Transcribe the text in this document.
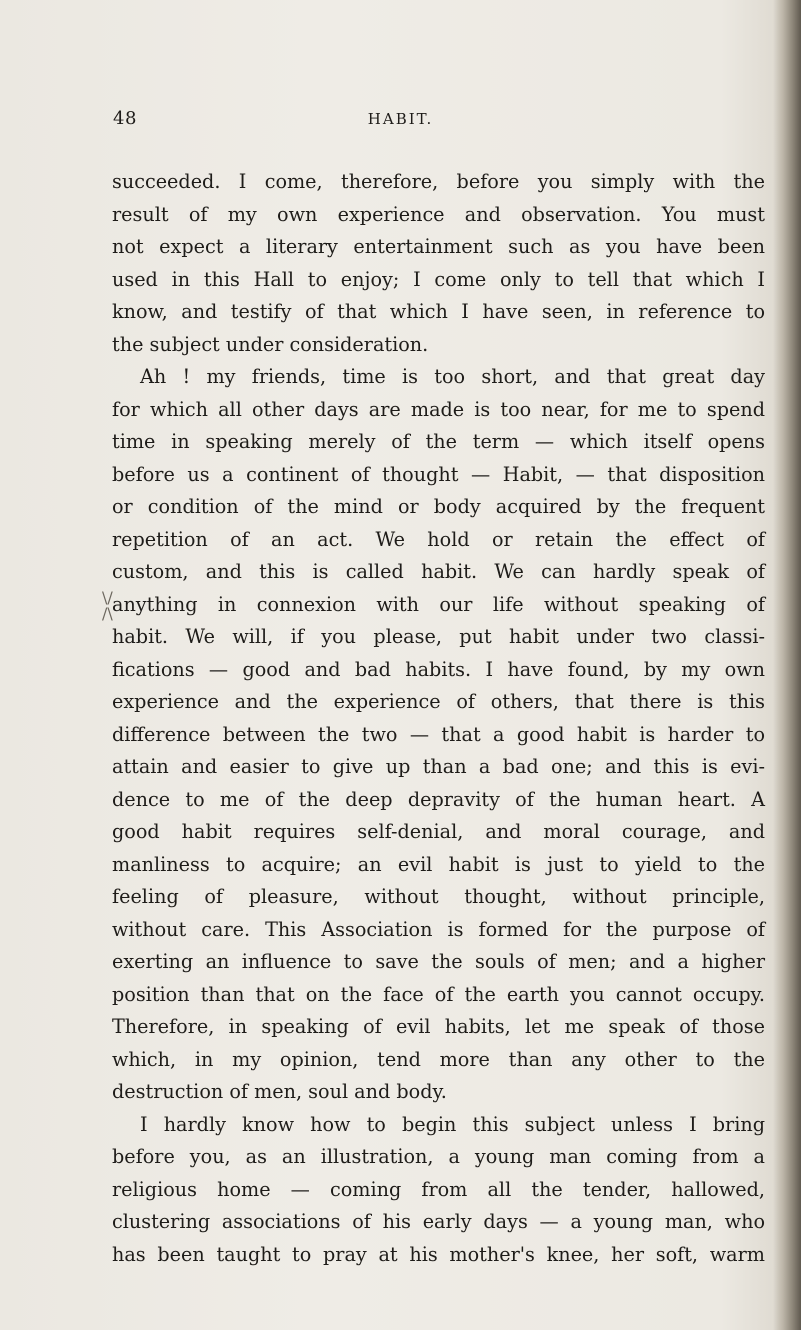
48	HABIT.
\/
/\
succeeded. I come, therefore, before you simply with the
result of my own experience and observation. You must
not expect a literary entertainment such as you have been
used in this Hall to enjoy; I come only to tell that which I
know, and testify of that which I have seen, in reference to
the subject under consideration.
Ah ! my friends, time is too short, and that great day
for which all other days are made is too near, for me to spend
time in speaking merely of the term — which itself opens
before us a continent of thought — Habit, — that disposition
or condition of the mind or body acquired by the frequent
repetition of an act. We hold or retain the effect of
custom, and this is called habit. We can hardly speak of
anything in connexion with our life without speaking of
habit. We will, if you please, put habit under two classi-
fications — good and bad habits. I have found, by my own
experience and the experience of others, that there is this
difference between the two — that a good habit is harder to
attain and easier to give up than a bad one; and this is evi-
dence to me of the deep depravity of the human heart. A
good habit requires self-denial, and moral courage, and
manliness to acquire; an evil habit is just to yield to the
feeling of pleasure, without thought, without principle,
without care. This Association is formed for the purpose of
exerting an influence to save the souls of men; and a higher
position than that on the face of the earth you cannot occupy.
Therefore, in speaking of evil habits, let me speak of those
which, in my opinion, tend more than any other to the
destruction of men, soul and body.
I hardly know how to begin this subject unless I bring
before you, as an illustration, a young man coming from a
religious home — coming from all the tender, hallowed,
clustering associations of his early days — a young man, who
has been taught to pray at his mother's knee, her soft, warm
